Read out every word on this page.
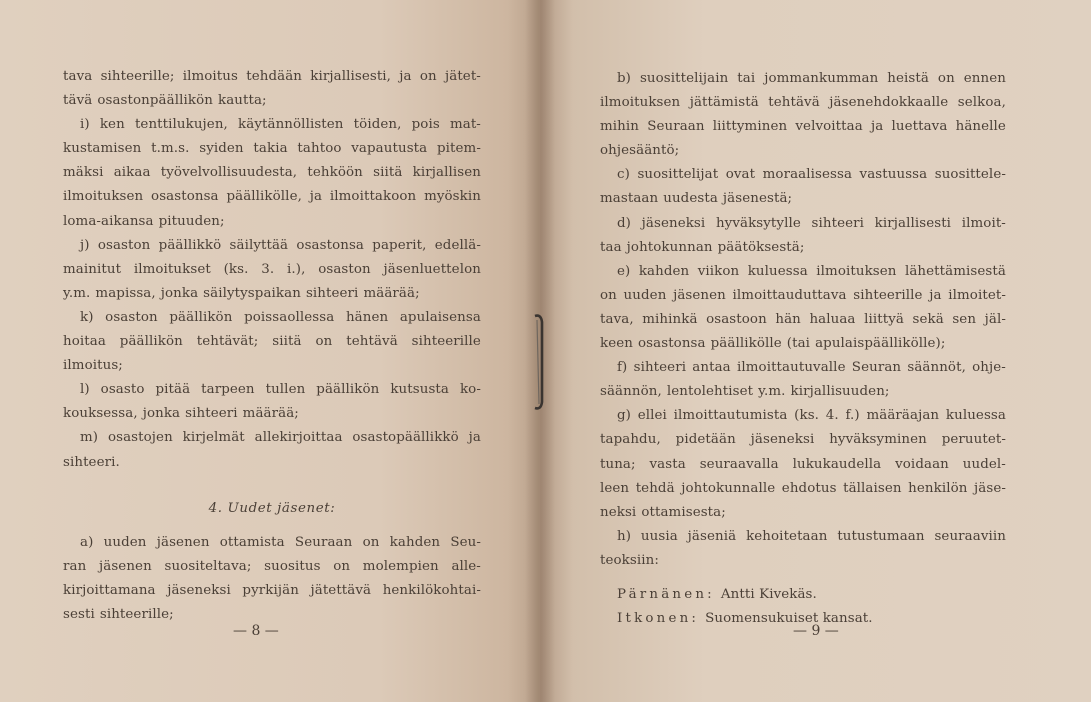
tava sihteerille; ilmoitus tehdään kirjallisesti, ja on jätet-
tävä osastonpäällikön kautta;
i) ken tenttilukujen, käytännöllisten töiden, pois mat-
kustamisen t.m.s. syiden takia tahtoo vapautusta pitem-
mäksi aikaa työvelvollisuudesta, tehköön siitä kirjallisen
ilmoituksen osastonsa päällikölle, ja ilmoittakoon myöskin
loma-aikansa pituuden;
j) osaston päällikkö säilyttää osastonsa paperit, edellä-
mainitut ilmoitukset (ks. 3. i.), osaston jäsenluettelon
y.m. mapissa, jonka säilytyspaikan sihteeri määrää;
k) osaston päällikön poissaollessa hänen apulaisensa
hoitaa päällikön tehtävät; siitä on tehtävä sihteerille
ilmoitus;
l) osasto pitää tarpeen tullen päällikön kutsusta ko-
kouksessa, jonka sihteeri määrää;
m) osastojen kirjelmät allekirjoittaa osastopäällikkö ja
sihteeri.
4. Uudet jäsenet:
a) uuden jäsenen ottamista Seuraan on kahden Seu-
ran jäsenen suositeltava; suositus on molempien alle-
kirjoittamana jäseneksi pyrkijän jätettävä henkilökohtai-
sesti sihteerille;
— 8 —
b) suosittelijain tai jommankumman heistä on ennen
ilmoituksen jättämistä tehtävä jäsenehdokkaalle selkoa,
mihin Seuraan liittyminen velvoittaa ja luettava hänelle
ohjesääntö;
c) suosittelijat ovat moraalisessa vastuussa suosittele-
mastaan uudesta jäsenestä;
d) jäseneksi hyväksytylle sihteeri kirjallisesti ilmoit-
taa johtokunnan päätöksestä;
e) kahden viikon kuluessa ilmoituksen lähettämisestä
on uuden jäsenen ilmoittauduttava sihteerille ja ilmoitet-
tava, mihinkä osastoon hän haluaa liittyä sekä sen jäl-
keen osastonsa päällikölle (tai apulaispäällikölle);
f) sihteeri antaa ilmoittautuvalle Seuran säännöt, ohje-
säännön, lentolehtiset y.m. kirjallisuuden;
g) ellei ilmoittautumista (ks. 4. f.) määräajan kuluessa
tapahdu, pidetään jäseneksi hyväksyminen peruutet-
tuna; vasta seuraavalla lukukaudella voidaan uudel-
leen tehdä johtokunnalle ehdotus tällaisen henkilön jäse-
neksi ottamisesta;
h) uusia jäseniä kehoitetaan tutustumaan seuraaviin
teoksiin:
Pärnänen: Antti Kivekäs.
Itkonen: Suomensukuiset kansat.
— 9 —
